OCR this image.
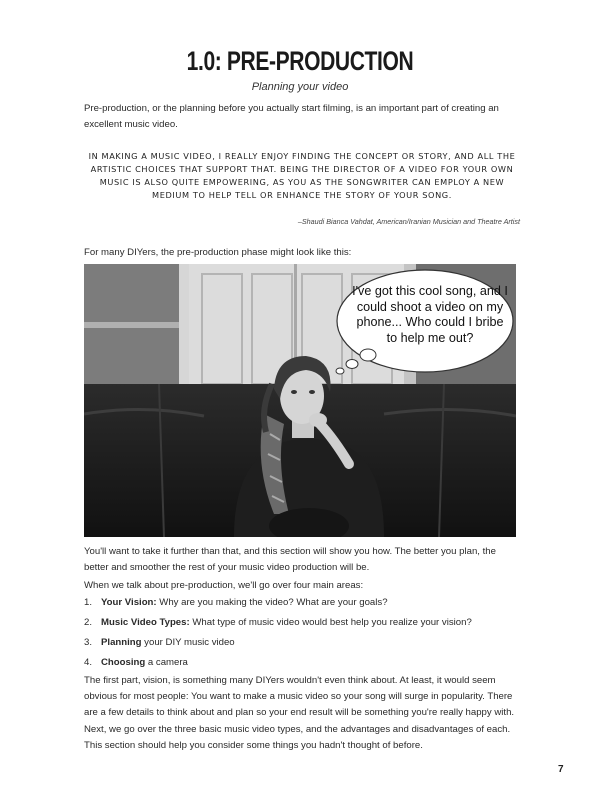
1.0: PRE-PRODUCTION
Planning your video
Pre-production, or the planning before you actually start filming, is an important part of creating an excellent music video.
IN MAKING A MUSIC VIDEO, I REALLY ENJOY FINDING THE CONCEPT OR STORY, AND ALL THE ARTISTIC CHOICES THAT SUPPORT THAT. BEING THE DIRECTOR OF A VIDEO FOR YOUR OWN MUSIC IS ALSO QUITE EMPOWERING, AS YOU AS THE SONGWRITER CAN EMPLOY A NEW MEDIUM TO HELP TELL OR ENHANCE THE STORY OF YOUR SONG.
–Shaudi Bianca Vahdat, American/Iranian Musician and Theatre Artist
For many DIYers, the pre-production phase might look like this:
I've got this cool song, and I could shoot a video on my phone... Who could I bribe to help me out?
You'll want to take it further than that, and this section will show you how. The better you plan, the better and smoother the rest of your music video production will be.
When we talk about pre-production, we'll go over four main areas:
1. Your Vision: Why are you making the video? What are your goals?
2. Music Video Types: What type of music video would best help you realize your vision?
3. Planning your DIY music video
4. Choosing a camera
The first part, vision, is something many DIYers wouldn't even think about. At least, it would seem obvious for most people: You want to make a music video so your song will surge in popularity. There are a few details to think about and plan so your end result will be something you're really happy with.
Next, we go over the three basic music video types, and the advantages and disadvantages of each. This section should help you consider some things you hadn't thought of before.
7
